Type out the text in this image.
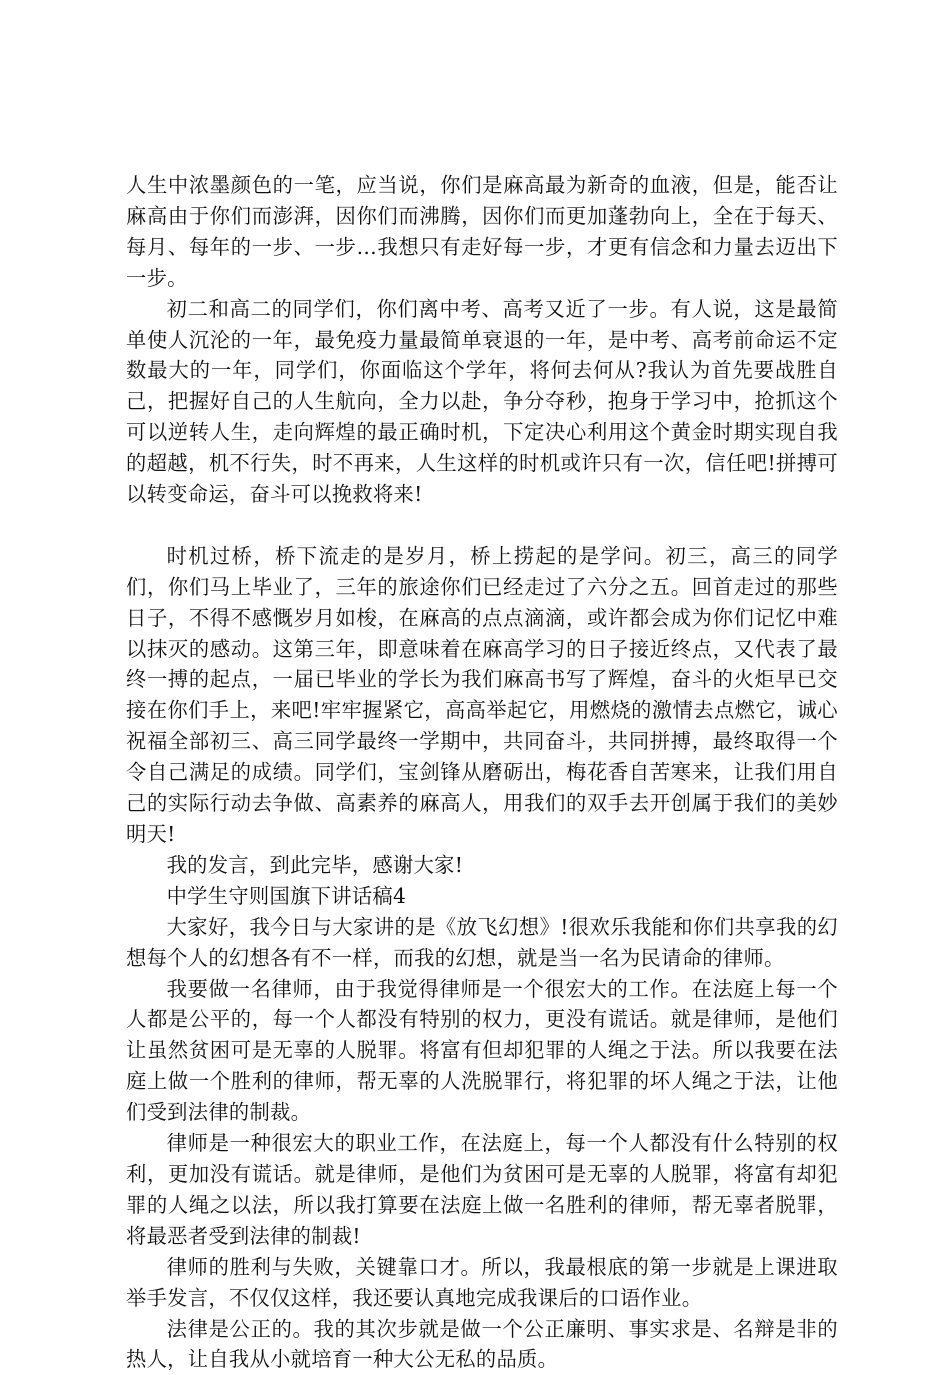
人生中浓墨颜色的一笔，应当说，你们是麻高最为新奇的血液，但是，能否让麻高由于你们而澎湃，因你们而沸腾，因你们而更加蓬勃向上，全在于每天、每月、每年的一步、一步…我想只有走好每一步，才更有信念和力量去迈出下一步。

初二和高二的同学们，你们离中考、高考又近了一步。有人说，这是最简单使人沉沦的一年，最免疫力量最简单衰退的一年，是中考、高考前命运不定数最大的一年，同学们，你面临这个学年，将何去何从?我认为首先要战胜自己，把握好自己的人生航向，全力以赴，争分夺秒，抱身于学习中，抢抓这个可以逆转人生，走向辉煌的最正确时机，下定决心利用这个黄金时期实现自我的超越，机不行失，时不再来，人生这样的时机或许只有一次，信任吧!拼搏可以转变命运，奋斗可以挽救将来!

时机过桥，桥下流走的是岁月，桥上捞起的是学问。初三，高三的同学们，你们马上毕业了，三年的旅途你们已经走过了六分之五。回首走过的那些日子，不得不感慨岁月如梭，在麻高的点点滴滴，或许都会成为你们记忆中难以抹灭的感动。这第三年，即意味着在麻高学习的日子接近终点，又代表了最终一搏的起点，一届已毕业的学长为我们麻高书写了辉煌，奋斗的火炬早已交接在你们手上，来吧!牢牢握紧它，高高举起它，用燃烧的激情去点燃它，诚心祝福全部初三、高三同学最终一学期中，共同奋斗，共同拼搏，最终取得一个令自己满足的成绩。同学们，宝剑锋从磨砺出，梅花香自苦寒来，让我们用自己的实际行动去争做、高素养的麻高人，用我们的双手去开创属于我们的美妙明天!

我的发言，到此完毕，感谢大家!

中学生守则国旗下讲话稿4

大家好，我今日与大家讲的是《放飞幻想》!很欢乐我能和你们共享我的幻想每个人的幻想各有不一样，而我的幻想，就是当一名为民请命的律师。

我要做一名律师，由于我觉得律师是一个很宏大的工作。在法庭上每一个人都是公平的，每一个人都没有特别的权力，更没有谎话。就是律师，是他们让虽然贫困可是无辜的人脱罪。将富有但却犯罪的人绳之于法。所以我要在法庭上做一个胜利的律师，帮无辜的人洗脱罪行，将犯罪的坏人绳之于法，让他们受到法律的制裁。

律师是一种很宏大的职业工作，在法庭上，每一个人都没有什么特别的权利，更加没有谎话。就是律师，是他们为贫困可是无辜的人脱罪，将富有却犯罪的人绳之以法，所以我打算要在法庭上做一名胜利的律师，帮无辜者脱罪，将最恶者受到法律的制裁!

律师的胜利与失败，关键靠口才。所以，我最根底的第一步就是上课进取举手发言，不仅仅这样，我还要认真地完成我课后的口语作业。

法律是公正的。我的其次步就是做一个公正廉明、事实求是、名辩是非的热人，让自我从小就培育一种大公无私的品质。
